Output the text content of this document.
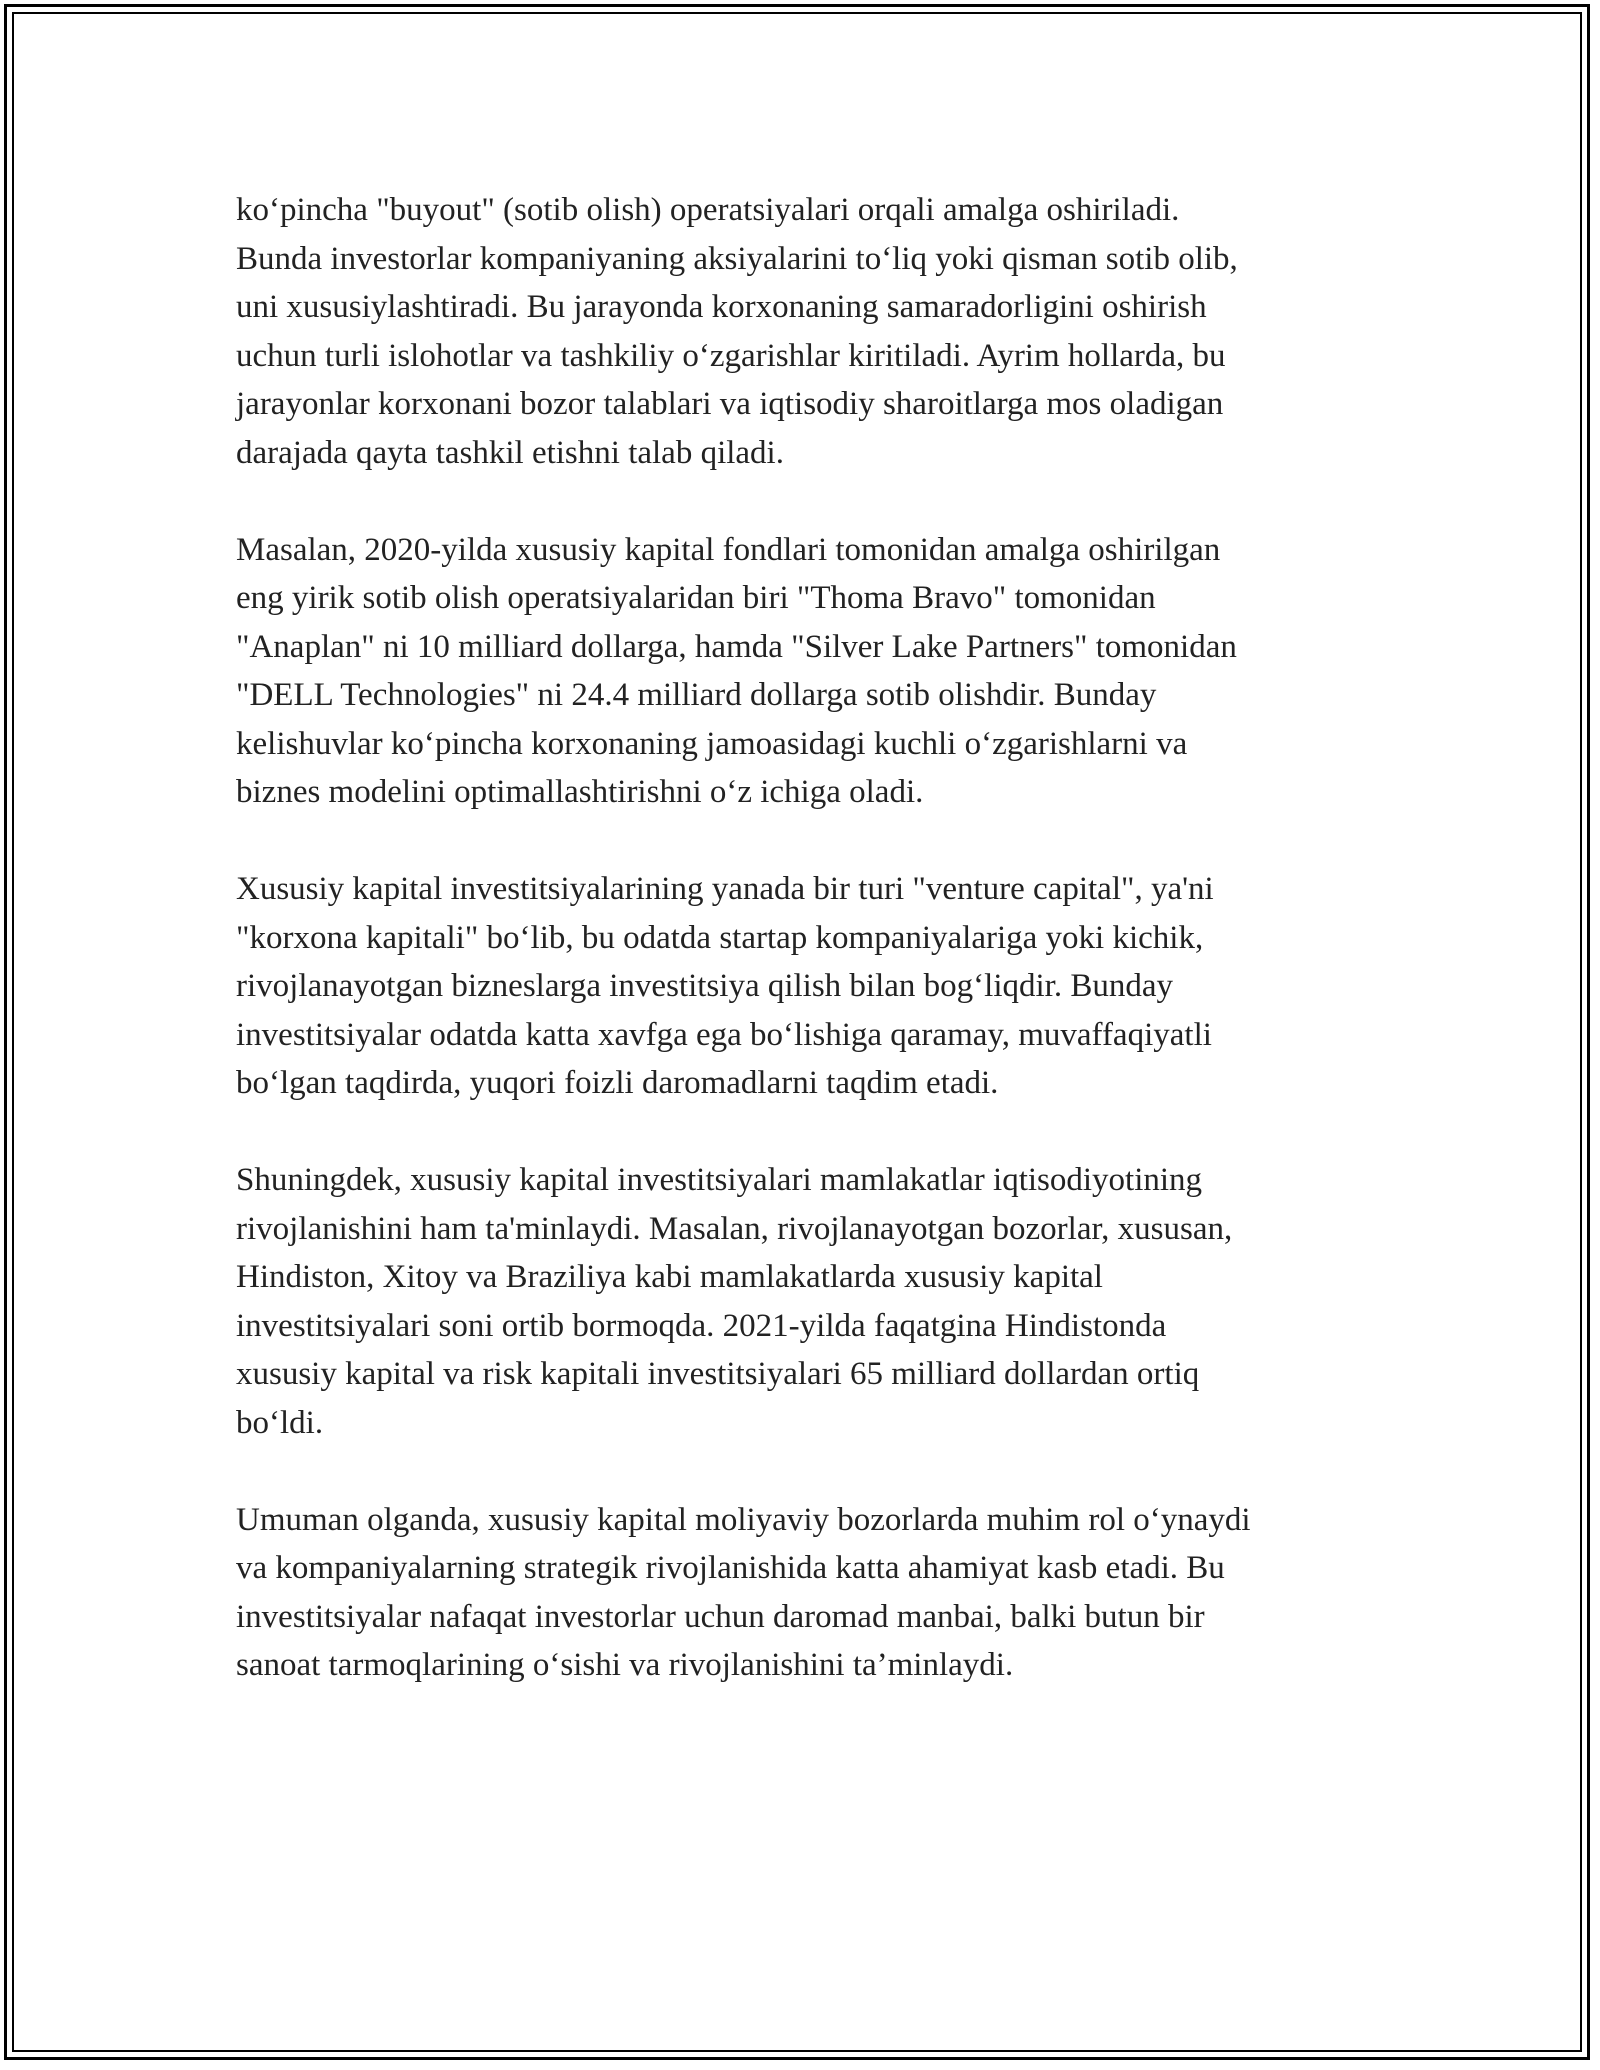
ko‘pincha "buyout" (sotib olish) operatsiyalari orqali amalga oshiriladi.
Bunda investorlar kompaniyaning aksiyalarini to‘liq yoki qisman sotib olib,
uni xususiylashtiradi. Bu jarayonda korxonaning samaradorligini oshirish
uchun turli islohotlar va tashkiliy o‘zgarishlar kiritiladi. Ayrim hollarda, bu
jarayonlar korxonani bozor talablari va iqtisodiy sharoitlarga mos oladigan
darajada qayta tashkil etishni talab qiladi.

Masalan, 2020-yilda xususiy kapital fondlari tomonidan amalga oshirilgan
eng yirik sotib olish operatsiyalaridan biri "Thoma Bravo" tomonidan
"Anaplan" ni 10 milliard dollarga, hamda "Silver Lake Partners" tomonidan
"DELL Technologies" ni 24.4 milliard dollarga sotib olishdir. Bunday
kelishuvlar ko‘pincha korxonaning jamoasidagi kuchli o‘zgarishlarni va
biznes modelini optimallashtirishni o‘z ichiga oladi.

Xususiy kapital investitsiyalarining yanada bir turi "venture capital", ya'ni
"korxona kapitali" bo‘lib, bu odatda startap kompaniyalariga yoki kichik,
rivojlanayotgan bizneslarga investitsiya qilish bilan bog‘liqdir. Bunday
investitsiyalar odatda katta xavfga ega bo‘lishiga qaramay, muvaffaqiyatli
bo‘lgan taqdirda, yuqori foizli daromadlarni taqdim etadi.

Shuningdek, xususiy kapital investitsiyalari mamlakatlar iqtisodiyotining
rivojlanishini ham ta'minlaydi. Masalan, rivojlanayotgan bozorlar, xususan,
Hindiston, Xitoy va Braziliya kabi mamlakatlarda xususiy kapital
investitsiyalari soni ortib bormoqda. 2021-yilda faqatgina Hindistonda
xususiy kapital va risk kapitali investitsiyalari 65 milliard dollardan ortiq
bo‘ldi.

Umuman olganda, xususiy kapital moliyaviy bozorlarda muhim rol o‘ynaydi
va kompaniyalarning strategik rivojlanishida katta ahamiyat kasb etadi. Bu
investitsiyalar nafaqat investorlar uchun daromad manbai, balki butun bir
sanoat tarmoqlarining o‘sishi va rivojlanishini ta’minlaydi.
